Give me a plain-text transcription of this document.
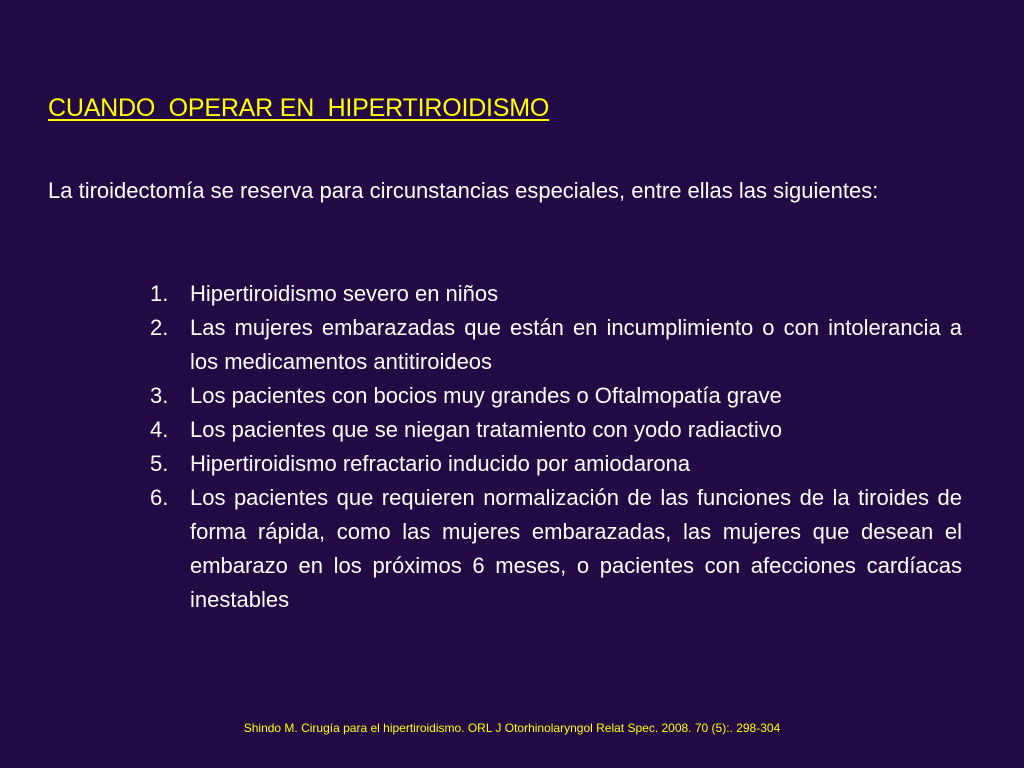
CUANDO  OPERAR EN  HIPERTIROIDISMO
La tiroidectomía se reserva para circunstancias especiales, entre ellas las siguientes:
1. Hipertiroidismo severo en niños
2. Las mujeres embarazadas que están en incumplimiento o con intolerancia a los medicamentos antitiroideos
3. Los pacientes con bocios muy grandes o Oftalmopatía grave
4. Los pacientes que se niegan tratamiento con yodo radiactivo
5. Hipertiroidismo refractario inducido por amiodarona
6. Los pacientes que requieren normalización de las funciones de la tiroides de forma rápida, como las mujeres embarazadas, las mujeres que desean el embarazo en los próximos 6 meses, o pacientes con afecciones cardíacas inestables
Shindo M. Cirugía para el hipertiroidismo. ORL J Otorhinolaryngol Relat Spec. 2008. 70 (5):. 298-304
